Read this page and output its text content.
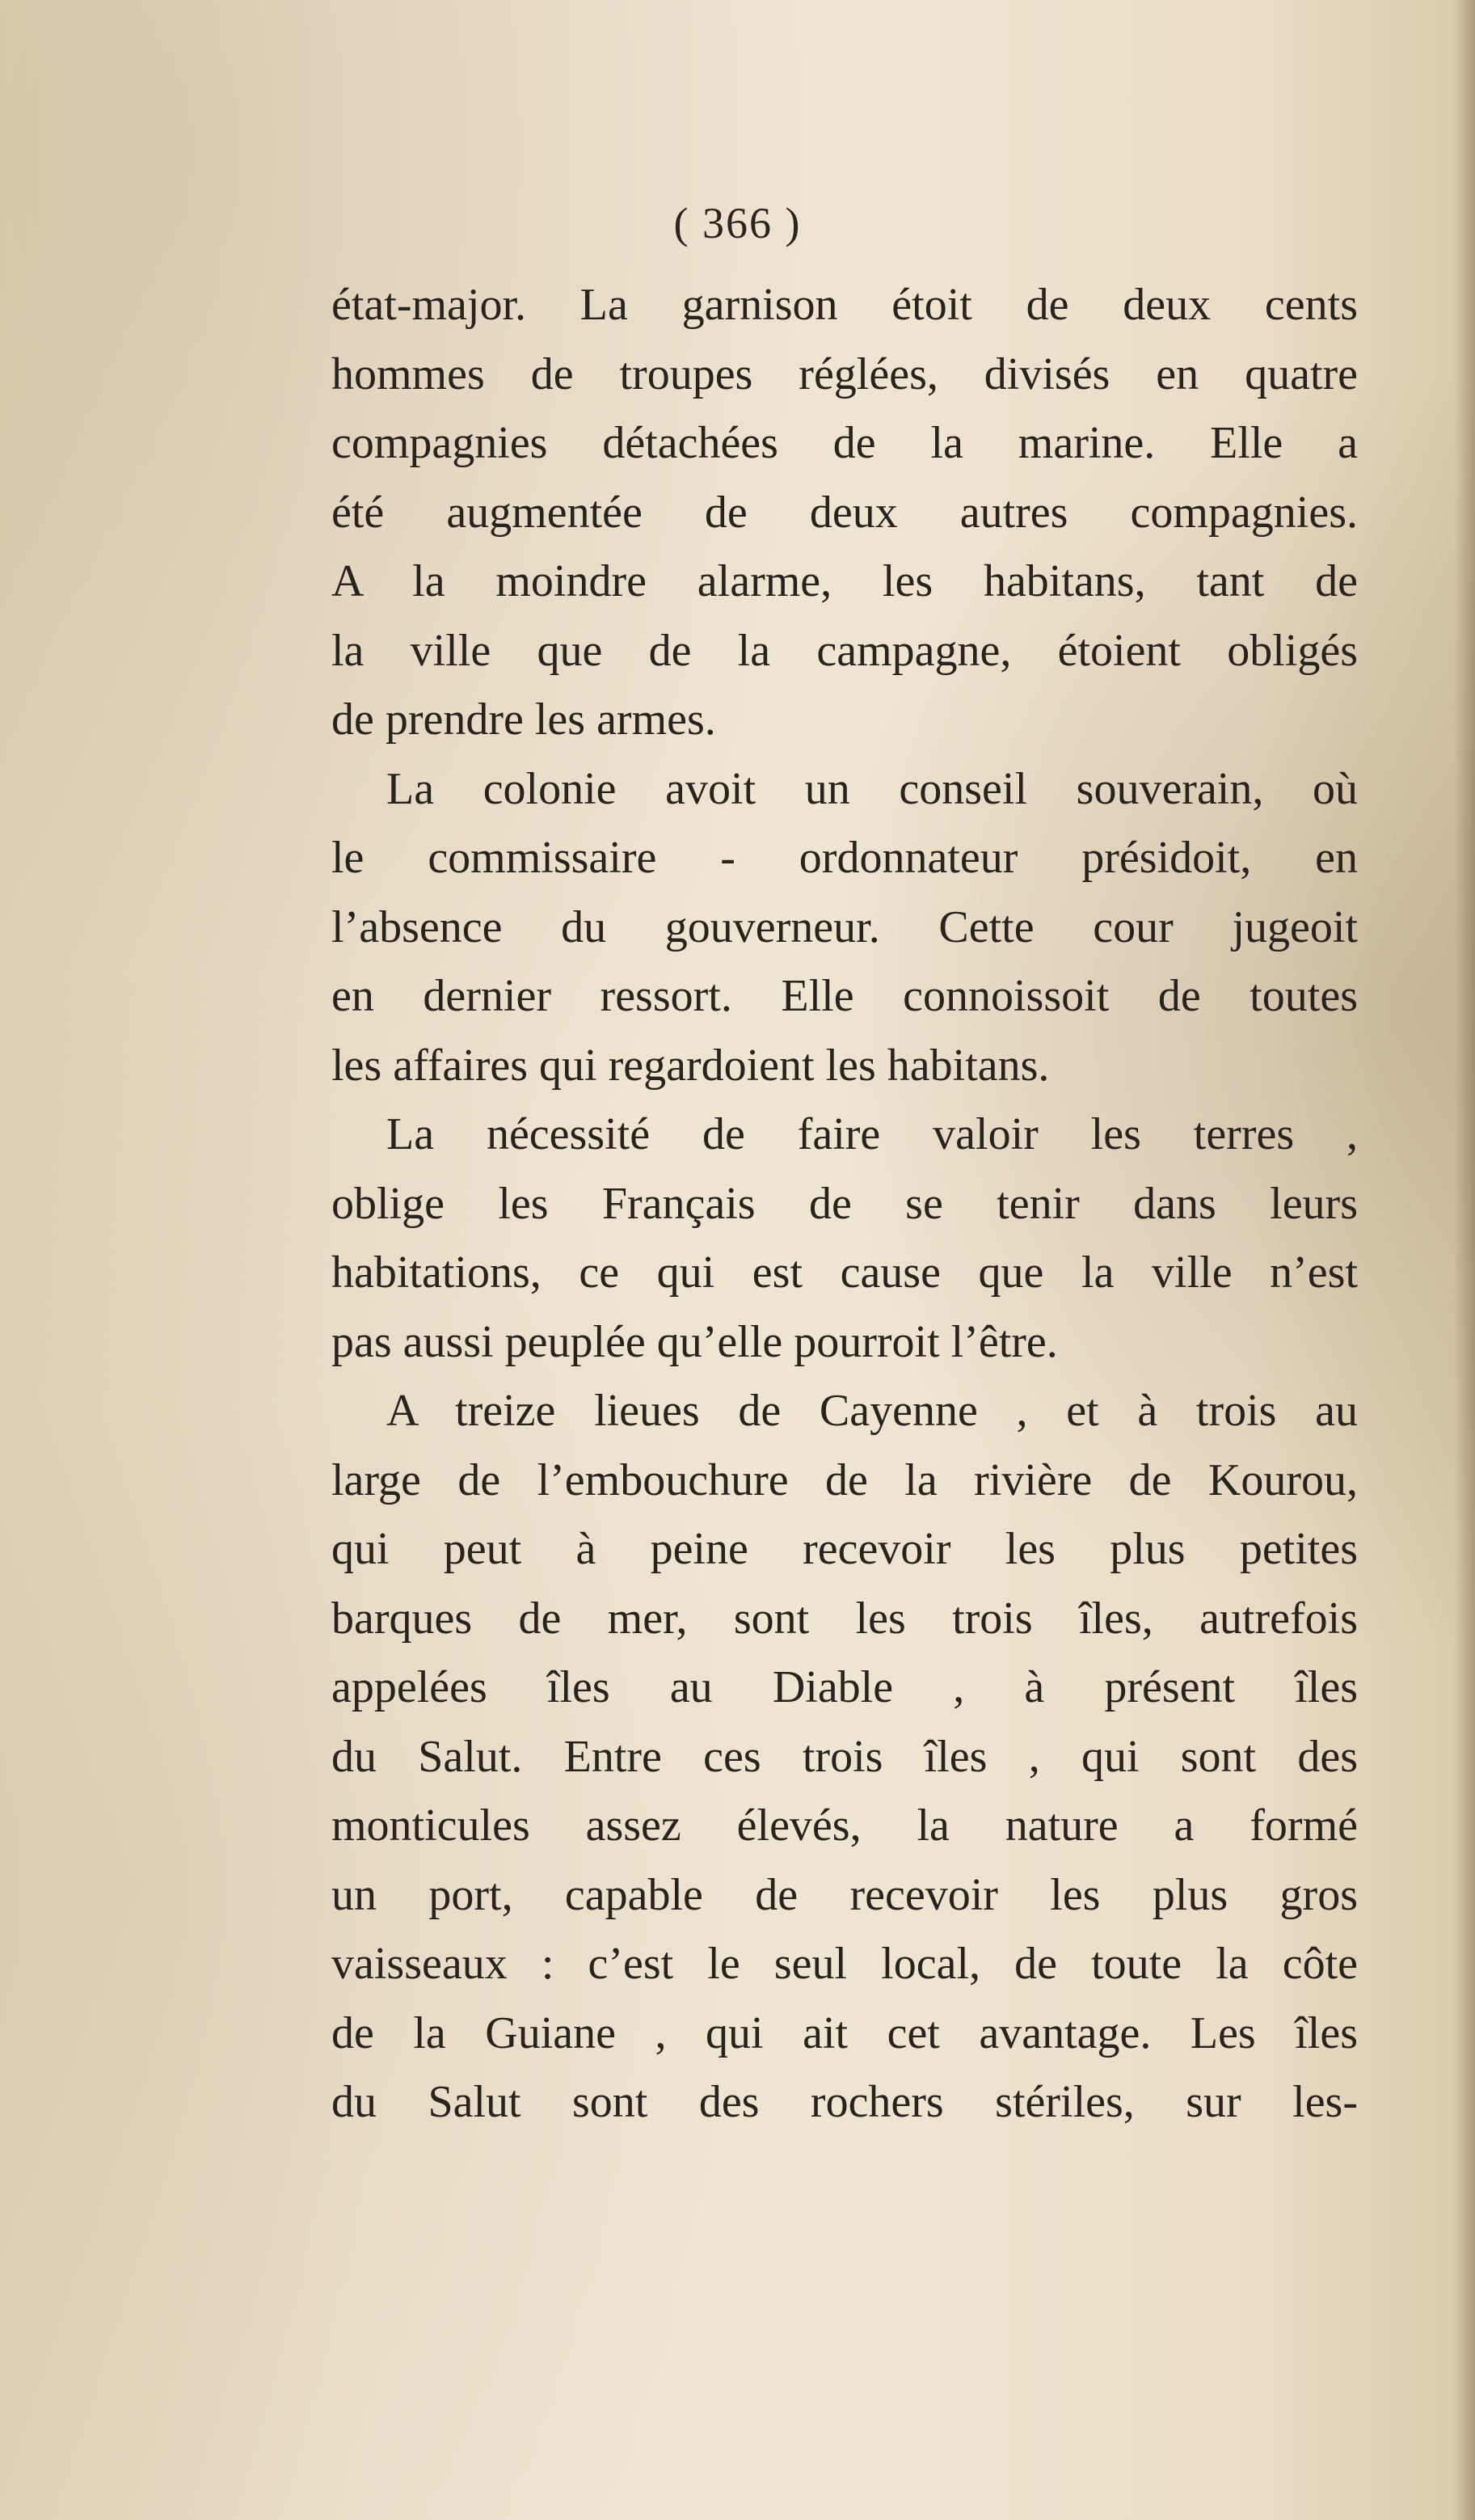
( 366 )
état-major. La garnison étoit de deux cents
hommes de troupes réglées, divisés en quatre
compagnies détachées de la marine. Elle a
été augmentée de deux autres compagnies.
A la moindre alarme, les habitans, tant de
la ville que de la campagne, étoient obligés
de prendre les armes.
La colonie avoit un conseil souverain, où
le commissaire - ordonnateur présidoit, en
l’absence du gouverneur. Cette cour jugeoit
en dernier ressort. Elle connoissoit de toutes
les affaires qui regardoient les habitans.
La nécessité de faire valoir les terres ,
oblige les Français de se tenir dans leurs
habitations, ce qui est cause que la ville n’est
pas aussi peuplée qu’elle pourroit l’être.
A treize lieues de Cayenne , et à trois au
large de l’embouchure de la rivière de Kourou,
qui peut à peine recevoir les plus petites
barques de mer, sont les trois îles, autrefois
appelées îles au Diable , à présent îles
du Salut. Entre ces trois îles , qui sont des
monticules assez élevés, la nature a formé
un port, capable de recevoir les plus gros
vaisseaux : c’est le seul local, de toute la côte
de la Guiane , qui ait cet avantage. Les îles
du Salut sont des rochers stériles, sur les-
